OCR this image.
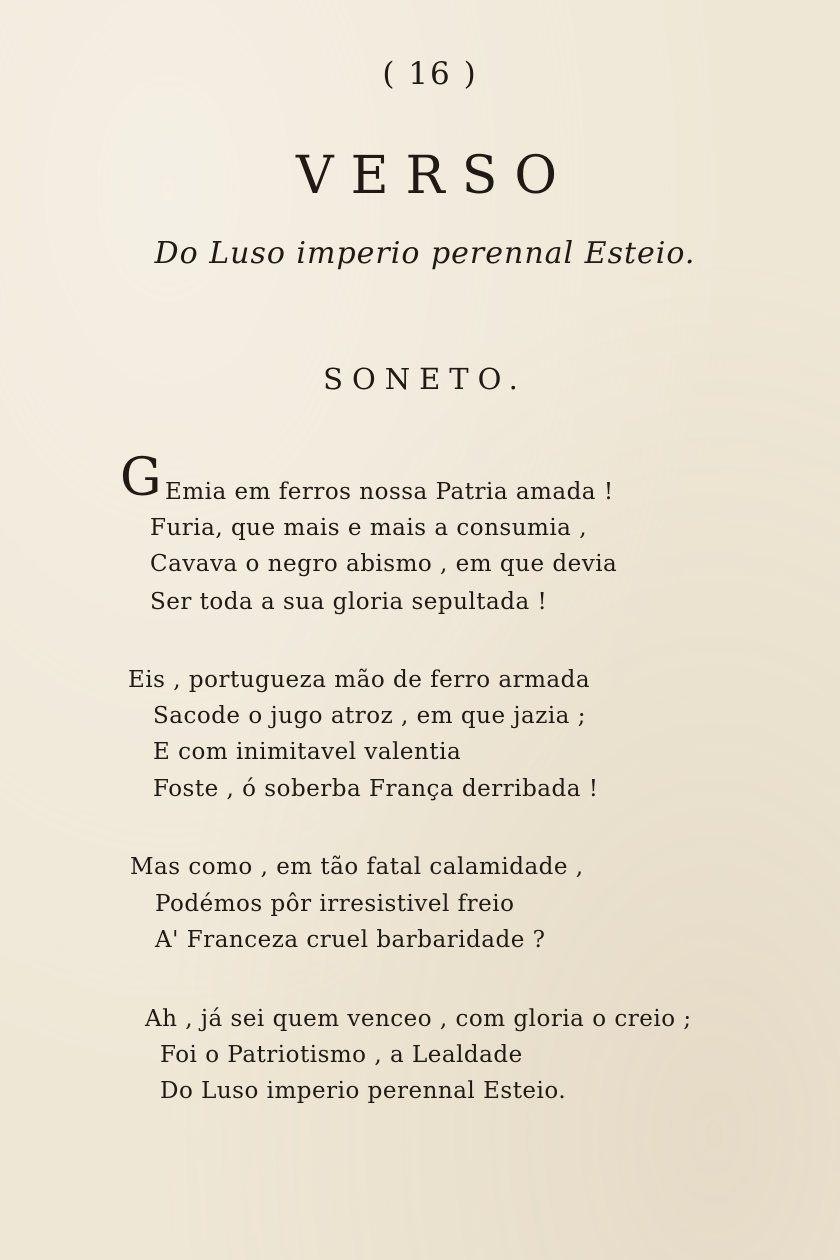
( 16 )
VERSO
Do Luso imperio perennal Esteio.
SONETO.
G Emia em ferros nossa Patria amada !
Furia, que mais e mais a consumia ,
Cavava o negro abismo , em que devia
Ser toda a sua gloria sepultada !
Eis , portugueza mão de ferro armada
Sacode o jugo atroz , em que jazia ;
E com inimitavel valentia
Foste , ó soberba França derribada !
Mas como , em tão fatal calamidade ,
Podémos pôr irresistivel freio
A' Franceza cruel barbaridade ?
Ah , já sei quem venceo , com gloria o creio ;
Foi o Patriotismo , a Lealdade
Do Luso imperio perennal Esteio.
